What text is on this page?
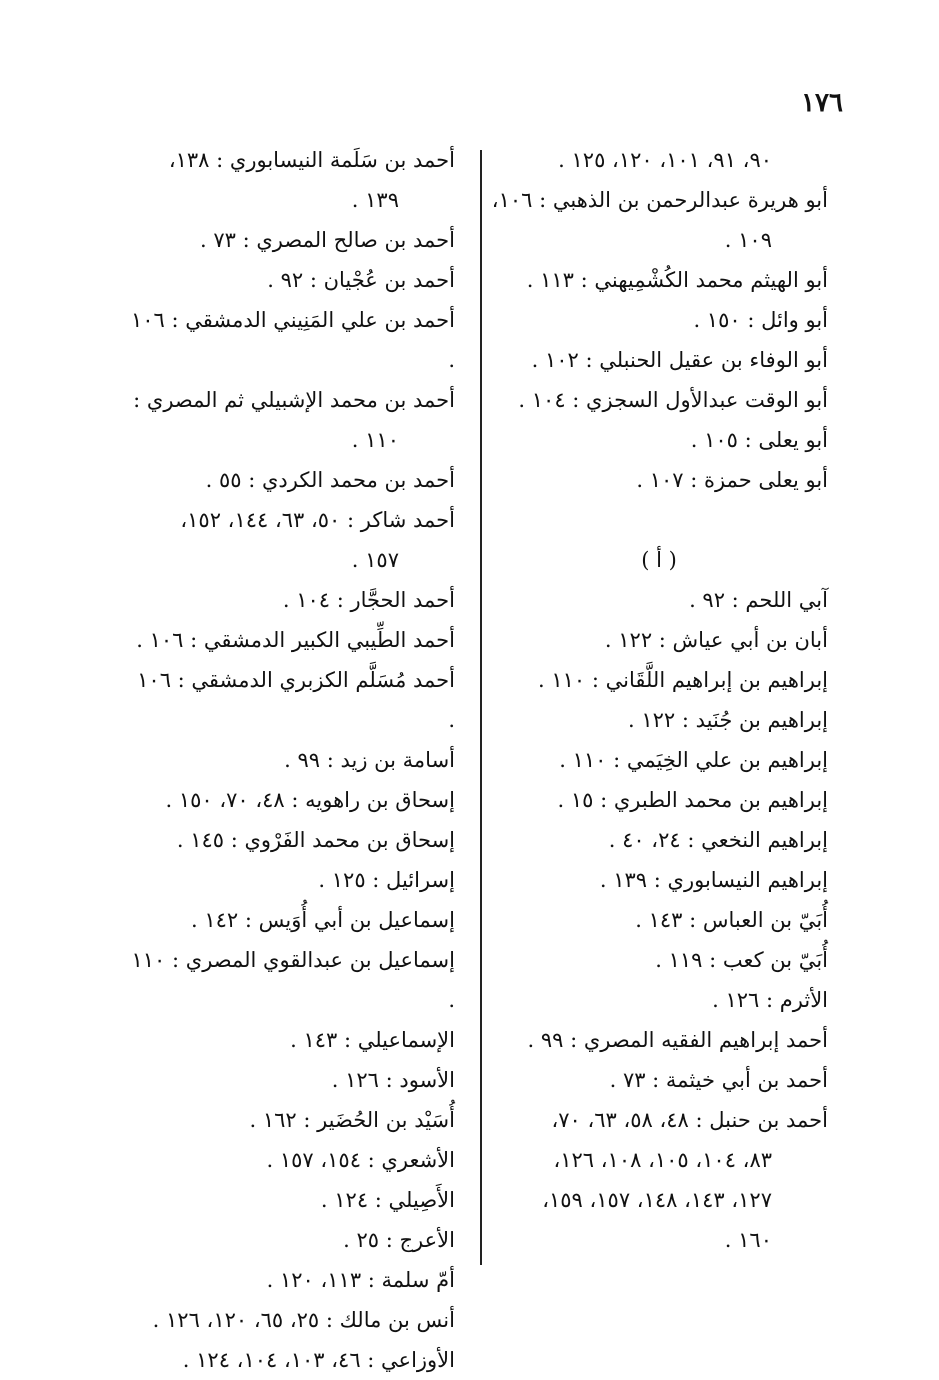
١٧٦
٩٠، ٩١، ١٠١، ١٢٠، ١٢٥ .
أبو هريرة عبدالرحمن بن الذهبي : ١٠٦،
١٠٩ .
أبو الهيثم محمد الكُشْمِيهني : ١١٣ .
أبو وائل : ١٥٠ .
أبو الوفاء بن عقيل الحنبلي : ١٠٢ .
أبو الوقت عبدالأول السجزي : ١٠٤ .
أبو يعلى : ١٠٥ .
أبو يعلى حمزة : ١٠٧ .
( أ )
آبي اللحم : ٩٢ .
أبان بن أبي عياش : ١٢٢ .
إبراهيم بن إبراهيم اللَّقَاني : ١١٠ .
إبراهيم بن جُنَيد : ١٢٢ .
إبراهيم بن علي الخِيَمي : ١١٠ .
إبراهيم بن محمد الطبري : ١٥ .
إبراهيم النخعي : ٢٤، ٤٠ .
إبراهيم النيسابوري : ١٣٩ .
أُبَيّ بن العباس : ١٤٣ .
أُبَيّ بن كعب : ١١٩ .
الأثرم : ١٢٦ .
أحمد إبراهيم الفقيه المصري : ٩٩ .
أحمد بن أبي خيثمة : ٧٣ .
أحمد بن حنبل : ٤٨، ٥٨، ٦٣، ٧٠،
٨٣، ١٠٤، ١٠٥، ١٠٨، ١٢٦،
١٢٧، ١٤٣، ١٤٨، ١٥٧، ١٥٩،
١٦٠ .
أحمد بن سَلَمة النيسابوري : ١٣٨،
١٣٩ .
أحمد بن صالح المصري : ٧٣ .
أحمد بن عُجْيان : ٩٢ .
أحمد بن علي المَنِيني الدمشقي : ١٠٦ .
أحمد بن محمد الإشبيلي ثم المصري :
١١٠ .
أحمد بن محمد الكردي : ٥٥ .
أحمد شاكر : ٥٠، ٦٣، ١٤٤، ١٥٢،
١٥٧ .
أحمد الحجَّار : ١٠٤ .
أحمد الطِّيبي الكبير الدمشقي : ١٠٦ .
أحمد مُسَلَّم الكزبري الدمشقي : ١٠٦ .
أسامة بن زيد : ٩٩ .
إسحاق بن راهويه : ٤٨، ٧٠، ١٥٠ .
إسحاق بن محمد الفَرْوي : ١٤٥ .
إسرائيل : ١٢٥ .
إسماعيل بن أبي أُوَيس : ١٤٢ .
إسماعيل بن عبدالقوي المصري : ١١٠ .
الإسماعيلي : ١٤٣ .
الأسود : ١٢٦ .
أُسَيْد بن الحُضَير : ١٦٢ .
الأشعري : ١٥٤، ١٥٧ .
الأَصِيلي : ١٢٤ .
الأعرج : ٢٥ .
أمّ سلمة : ١١٣، ١٢٠ .
أنس بن مالك : ٢٥، ٦٥، ١٢٠، ١٢٦ .
الأوزاعي : ٤٦، ١٠٣، ١٠٤، ١٢٤ .
